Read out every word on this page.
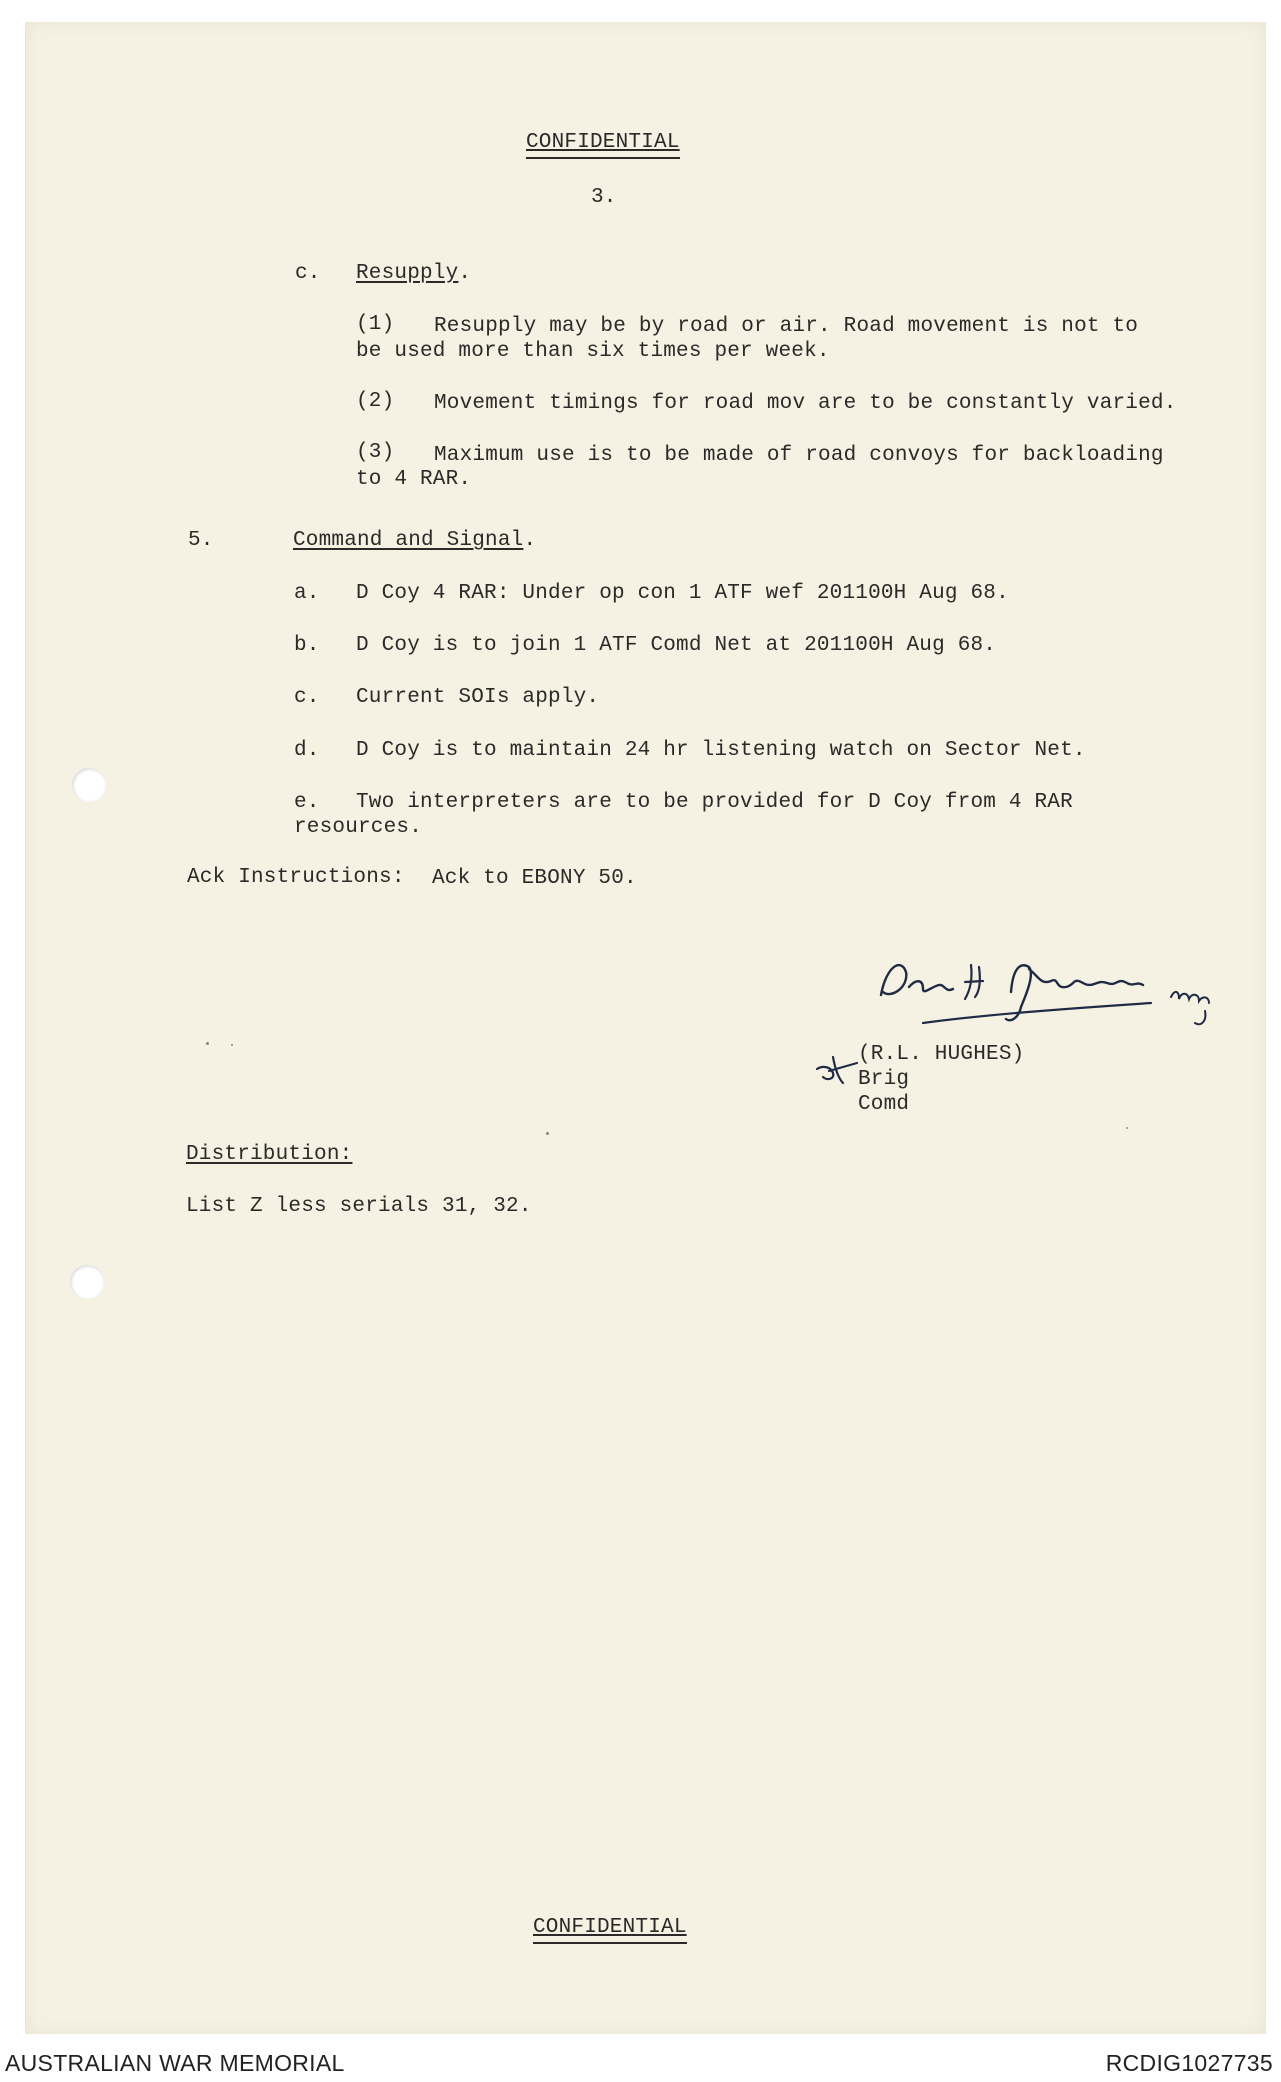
CONFIDENTIAL
3.
c. Resupply.
(1) Resupply may be by road or air. Road movement is not to
be used more than six times per week.
(2) Movement timings for road mov are to be constantly varied.
(3) Maximum use is to be made of road convoys for backloading
to 4 RAR.
5.	Command and Signal.
a. D Coy 4 RAR: Under op con 1 ATF wef 201100H Aug 68.
b. D Coy is to join 1 ATF Comd Net at 201100H Aug 68.
c. Current SOIs apply.
d. D Coy is to maintain 24 hr listening watch on Sector Net.
e. Two interpreters are to be provided for D Coy from 4 RAR
resources.
Ack Instructions: Ack to EBONY 50.
(R.L. HUGHES)
Brig
Comd
Distribution:
List Z less serials 31, 32.
CONFIDENTIAL
AUSTRALIAN WAR MEMORIAL	RCDIG1027735
